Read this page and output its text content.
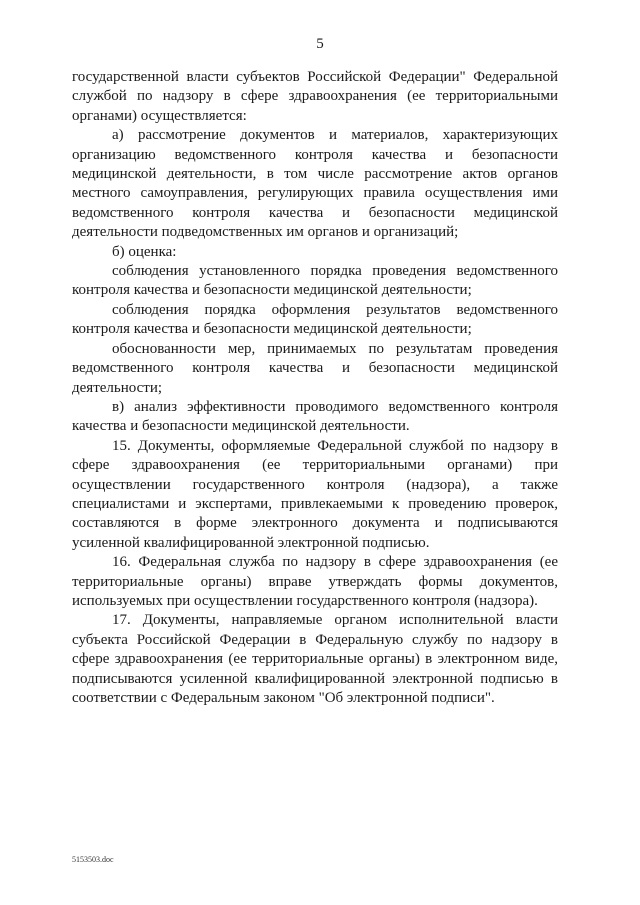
5

государственной власти субъектов Российской Федерации" Федеральной службой по надзору в сфере здравоохранения (ее территориальными органами) осуществляется:

а) рассмотрение документов и материалов, характеризующих организацию ведомственного контроля качества и безопасности медицинской деятельности, в том числе рассмотрение актов органов местного самоуправления, регулирующих правила осуществления ими ведомственного контроля качества и безопасности медицинской деятельности подведомственных им органов и организаций;

б) оценка:

соблюдения установленного порядка проведения ведомственного контроля качества и безопасности медицинской деятельности;

соблюдения порядка оформления результатов ведомственного контроля качества и безопасности медицинской деятельности;

обоснованности мер, принимаемых по результатам проведения ведомственного контроля качества и безопасности медицинской деятельности;

в) анализ эффективности проводимого ведомственного контроля качества и безопасности медицинской деятельности.

15. Документы, оформляемые Федеральной службой по надзору в сфере здравоохранения (ее территориальными органами) при осуществлении государственного контроля (надзора), а также специалистами и экспертами, привлекаемыми к проведению проверок, составляются в форме электронного документа и подписываются усиленной квалифицированной электронной подписью.

16. Федеральная служба по надзору в сфере здравоохранения (ее территориальные органы) вправе утверждать формы документов, используемых при осуществлении государственного контроля (надзора).

17. Документы, направляемые органом исполнительной власти субъекта Российской Федерации в Федеральную службу по надзору в сфере здравоохранения (ее территориальные органы) в электронном виде, подписываются усиленной квалифицированной электронной подписью в соответствии с Федеральным законом "Об электронной подписи".

5153503.doc
